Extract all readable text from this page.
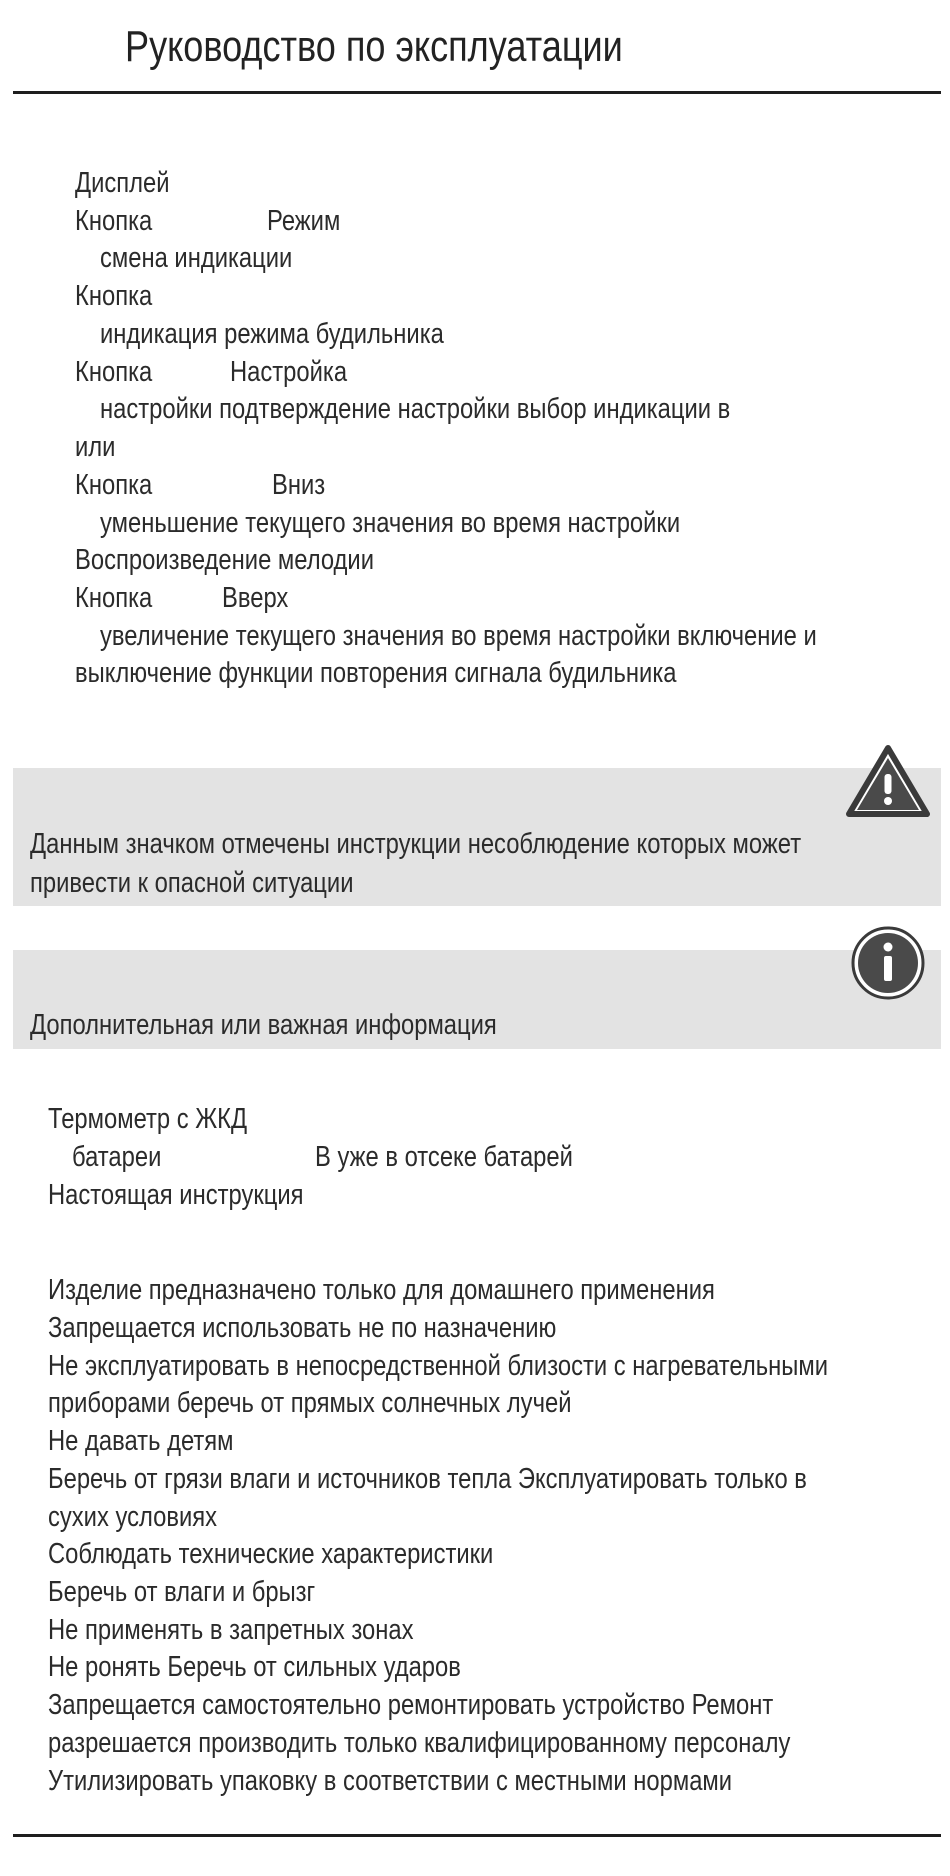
Руководство по эксплуатации
Дисплей
Кнопка	Режим
смена индикации
Кнопка
индикация режима будильника
Кнопка	Настройка
настройки подтверждение настройки выбор индикации в
или
Кнопка	Вниз
уменьшение текущего значения во время настройки
Воспроизведение мелодии
Кнопка Вверх
увеличение текущего значения во время настройки включение и
выключение функции повторения сигнала будильника
Данным значком отмечены инструкции несоблюдение которых может
привести к опасной ситуации
Дополнительная или важная информация
Термометр с ЖКД
батареи	В уже в отсеке батарей
Настоящая инструкция
Изделие предназначено только для домашнего применения
Запрещается использовать не по назначению
Не эксплуатировать в непосредственной близости с нагревательными
приборами беречь от прямых солнечных лучей
Не давать детям
Беречь от грязи влаги и источников тепла Эксплуатировать только в
сухих условиях
Соблюдать технические характеристики
Беречь от влаги и брызг
Не применять в запретных зонах
Не ронять Беречь от сильных ударов
Запрещается самостоятельно ремонтировать устройство Ремонт
разрешается производить только квалифицированному персоналу
Утилизировать упаковку в соответствии с местными нормами
